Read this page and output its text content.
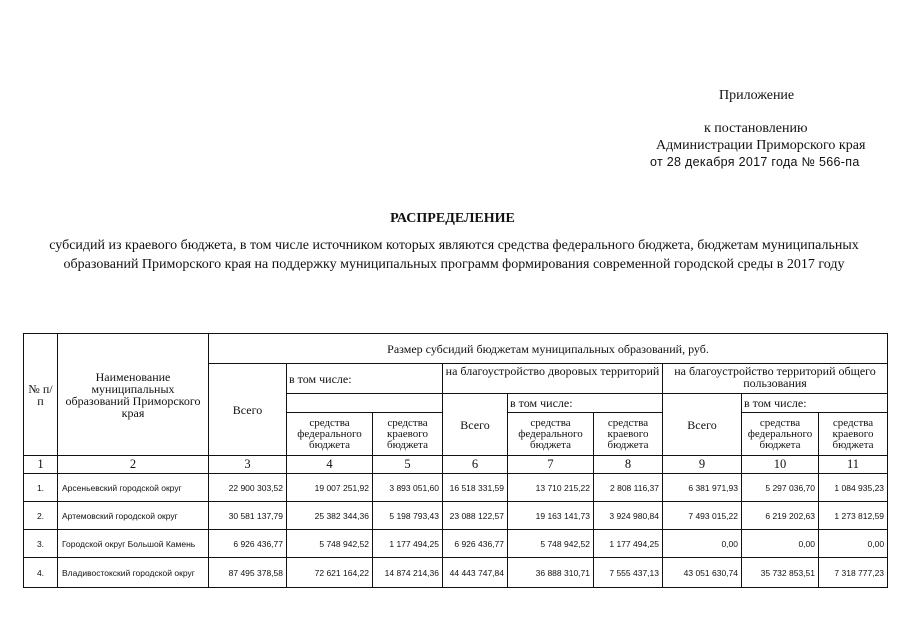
Приложение
к постановлению
Администрации Приморского края
от 28 декабря 2017 года № 566-па
РАСПРЕДЕЛЕНИЕ
субсидий из краевого бюджета, в том числе источником которых являются средства федерального бюджета, бюджетам муниципальных образований Приморского края на поддержку муниципальных программ формирования современной городской среды в 2017 году
№ п/п	Наименование муниципальных образований Приморского края	Размер субсидий бюджетам муниципальных образований, руб.								
		Всего	в том числе:		на благоустройство дворовых территорий			на благоустройство территорий общего пользования		
					Всего	в том числе:		Всего	в том числе:	
			средства федерального бюджета	средства краевого бюджета		средства федерального бюджета	средства краевого бюджета		средства федерального бюджета	средства краевого бюджета
1	2	3	4	5	6	7	8	9	10	11
1.	Арсеньевский городской округ	22 900 303,52	19 007 251,92	3 893 051,60	16 518 331,59	13 710 215,22	2 808 116,37	6 381 971,93	5 297 036,70	1 084 935,23
2.	Артемовский городской округ	30 581 137,79	25 382 344,36	5 198 793,43	23 088 122,57	19 163 141,73	3 924 980,84	7 493 015,22	6 219 202,63	1 273 812,59
3.	Городской округ Большой Камень	6 926 436,77	5 748 942,52	1 177 494,25	6 926 436,77	5 748 942,52	1 177 494,25	0,00	0,00	0,00
4.	Владивостокский городской округ	87 495 378,58	72 621 164,22	14 874 214,36	44 443 747,84	36 888 310,71	7 555 437,13	43 051 630,74	35 732 853,51	7 318 777,23
